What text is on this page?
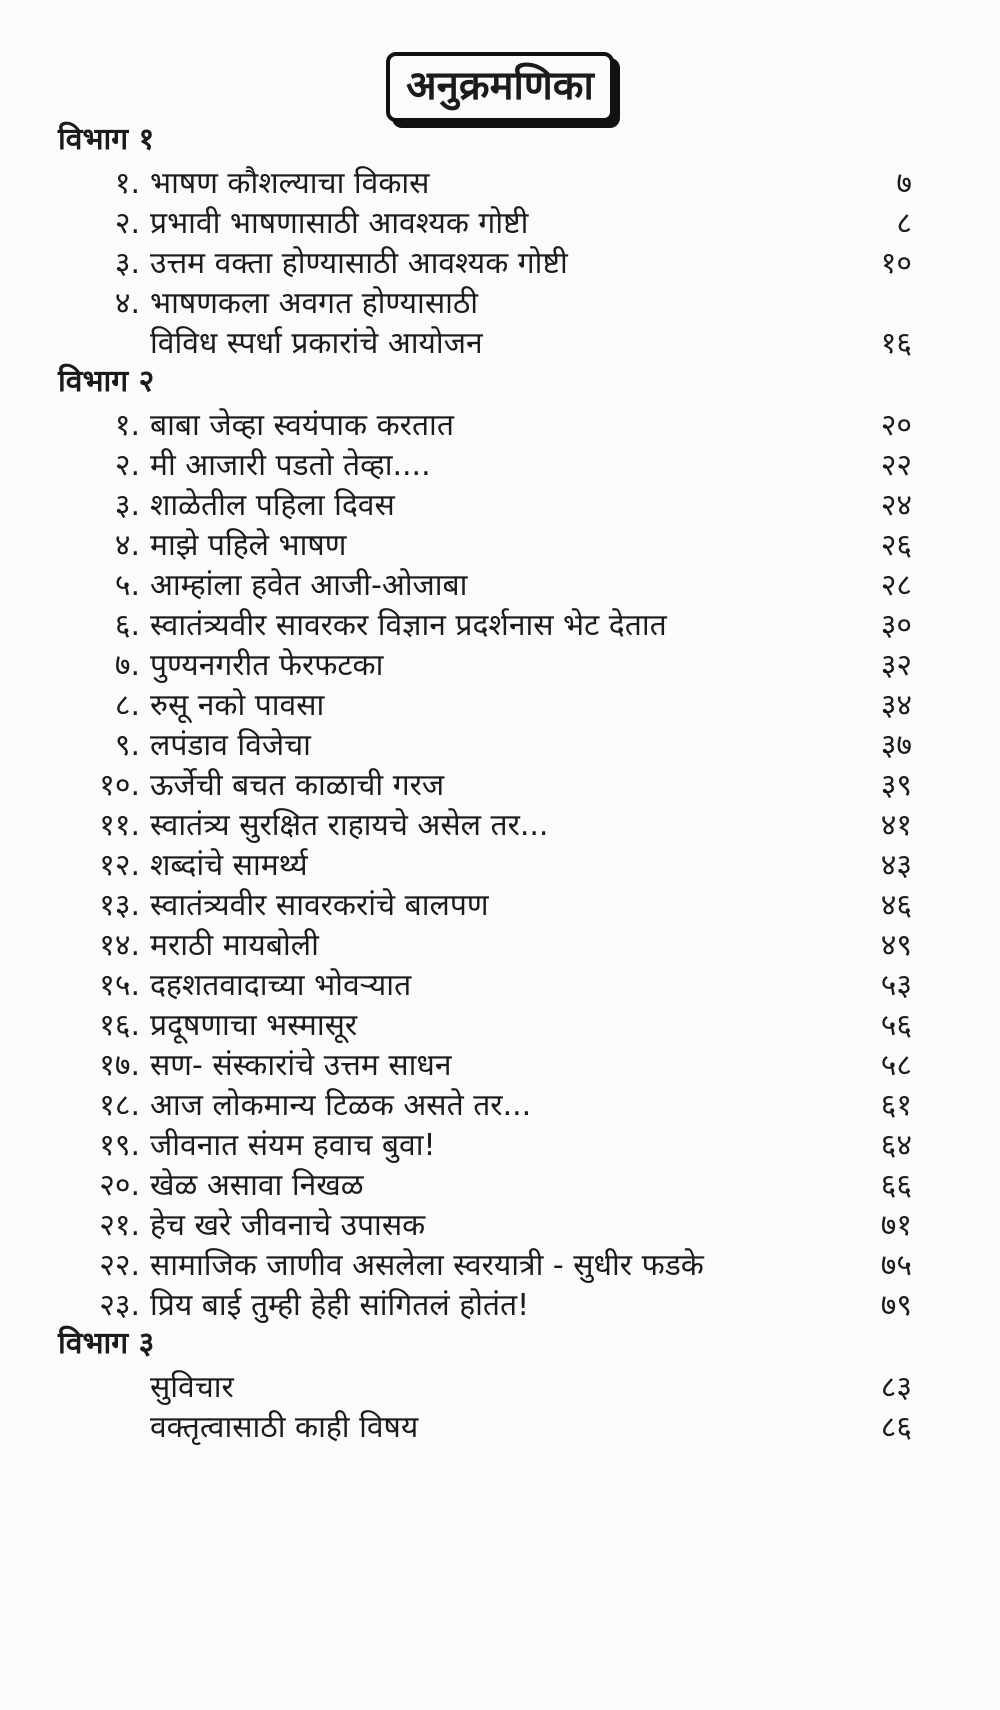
अनुक्रमणिका
विभाग १
१. भाषण कौशल्याचा विकास	७
२. प्रभावी भाषणासाठी आवश्यक गोष्टी	८
३. उत्तम वक्ता होण्यासाठी आवश्यक गोष्टी	१०
४. भाषणकला अवगत होण्यासाठी
विविध स्पर्धा प्रकारांचे आयोजन	१६
विभाग २
१. बाबा जेव्हा स्वयंपाक करतात	२०
२. मी आजारी पडतो तेव्हा....	२२
३. शाळेतील पहिला दिवस	२४
४. माझे पहिले भाषण	२६
५. आम्हांला हवेत आजी-ओजाबा	२८
६. स्वातंत्र्यवीर सावरकर विज्ञान प्रदर्शनास भेट देतात	३०
७. पुण्यनगरीत फेरफटका	३२
८. रुसू नको पावसा	३४
९. लपंडाव विजेचा	३७
१०. ऊर्जेची बचत काळाची गरज	३९
११. स्वातंत्र्य सुरक्षित राहायचे असेल तर...	४१
१२. शब्दांचे सामर्थ्य	४३
१३. स्वातंत्र्यवीर सावरकरांचे बालपण	४६
१४. मराठी मायबोली	४९
१५. दहशतवादाच्या भोवऱ्यात	५३
१६. प्रदूषणाचा भस्मासूर	५६
१७. सण- संस्कारांचे उत्तम साधन	५८
१८. आज लोकमान्य टिळक असते तर...	६१
१९. जीवनात संयम हवाच बुवा!	६४
२०. खेळ असावा निखळ	६६
२१. हेच खरे जीवनाचे उपासक	७१
२२. सामाजिक जाणीव असलेला स्वरयात्री - सुधीर फडके	७५
२३. प्रिय बाई तुम्ही हेही सांगितलं होतंत!	७९
विभाग ३
सुविचार	८३
वक्तृत्वासाठी काही विषय	८६
